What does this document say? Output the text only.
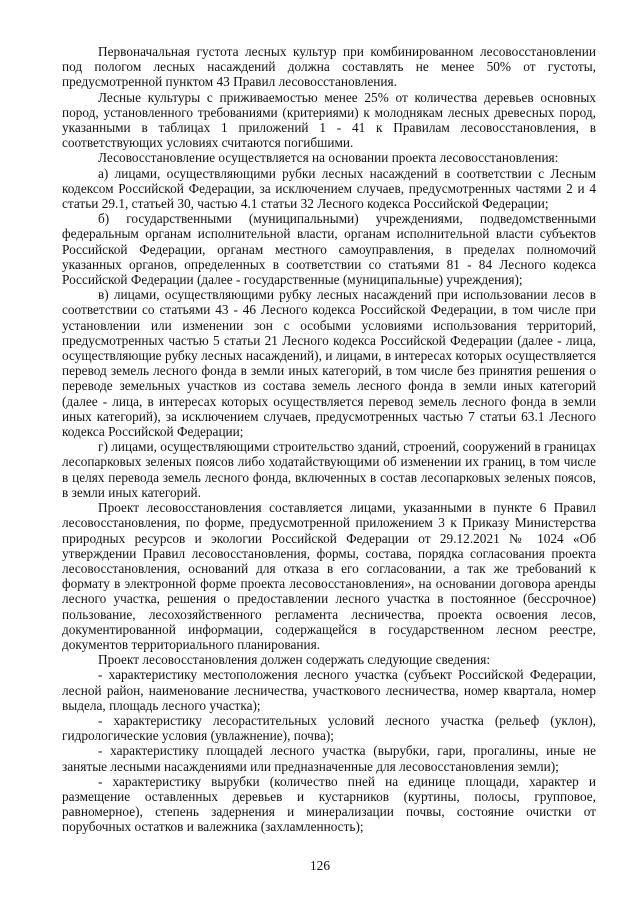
Первоначальная густота лесных культур при комбинированном лесовосстановлении под пологом лесных насаждений должна составлять не менее 50% от густоты, предусмотренной пунктом 43 Правил лесовосстановления.

Лесные культуры с приживаемостью менее 25% от количества деревьев основных пород, установленного требованиями (критериями) к молоднякам лесных древесных пород, указанными в таблицах 1 приложений 1 - 41 к Правилам лесовосстановления, в соответствующих условиях считаются погибшими.

Лесовосстановление осуществляется на основании проекта лесовосстановления:

а) лицами, осуществляющими рубки лесных насаждений в соответствии с Лесным кодексом Российской Федерации, за исключением случаев, предусмотренных частями 2 и 4 статьи 29.1, статьей 30, частью 4.1 статьи 32 Лесного кодекса Российской Федерации;

б) государственными (муниципальными) учреждениями, подведомственными федеральным органам исполнительной власти, органам исполнительной власти субъектов Российской Федерации, органам местного самоуправления, в пределах полномочий указанных органов, определенных в соответствии со статьями 81 - 84 Лесного кодекса Российской Федерации (далее - государственные (муниципальные) учреждения);

в) лицами, осуществляющими рубку лесных насаждений при использовании лесов в соответствии со статьями 43 - 46 Лесного кодекса Российской Федерации, в том числе при установлении или изменении зон с особыми условиями использования территорий, предусмотренных частью 5 статьи 21 Лесного кодекса Российской Федерации (далее - лица, осуществляющие рубку лесных насаждений), и лицами, в интересах которых осуществляется перевод земель лесного фонда в земли иных категорий, в том числе без принятия решения о переводе земельных участков из состава земель лесного фонда в земли иных категорий (далее - лица, в интересах которых осуществляется перевод земель лесного фонда в земли иных категорий), за исключением случаев, предусмотренных частью 7 статьи 63.1 Лесного кодекса Российской Федерации;

г) лицами, осуществляющими строительство зданий, строений, сооружений в границах лесопарковых зеленых поясов либо ходатайствующими об изменении их границ, в том числе в целях перевода земель лесного фонда, включенных в состав лесопарковых зеленых поясов, в земли иных категорий.

Проект лесовосстановления составляется лицами, указанными в пункте 6 Правил лесовосстановления, по форме, предусмотренной приложением 3 к Приказу Министерства природных ресурсов и экологии Российской Федерации от 29.12.2021 № 1024 «Об утверждении Правил лесовосстановления, формы, состава, порядка согласования проекта лесовосстановления, оснований для отказа в его согласовании, а так же требований к формату в электронной форме проекта лесовосстановления», на основании договора аренды лесного участка, решения о предоставлении лесного участка в постоянное (бессрочное) пользование, лесохозяйственного регламента лесничества, проекта освоения лесов, документированной информации, содержащейся в государственном лесном реестре, документов территориального планирования.

Проект лесовосстановления должен содержать следующие сведения:

- характеристику местоположения лесного участка (субъект Российской Федерации, лесной район, наименование лесничества, участкового лесничества, номер квартала, номер выдела, площадь лесного участка);

- характеристику лесорастительных условий лесного участка (рельеф (уклон), гидрологические условия (увлажнение), почва);

- характеристику площадей лесного участка (вырубки, гари, прогалины, иные не занятые лесными насаждениями или предназначенные для лесовосстановления земли);

- характеристику вырубки (количество пней на единице площади, характер и размещение оставленных деревьев и кустарников (куртины, полосы, групповое, равномерное), степень задернения и минерализации почвы, состояние очистки от порубочных остатков и валежника (захламленность);

126
